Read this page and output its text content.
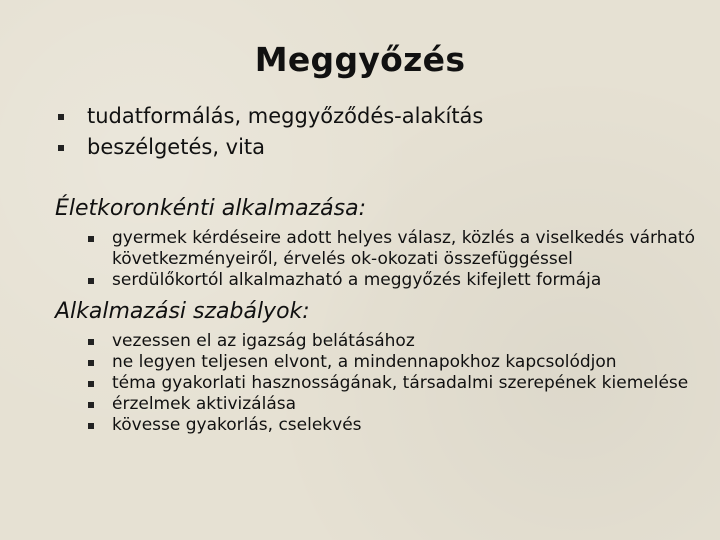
Meggyőzés
tudatformálás, meggyőződés-alakítás
beszélgetés, vita
Életkoronkénti alkalmazása:
gyermek kérdéseire adott helyes válasz, közlés a viselkedés várható következményeiről, érvelés ok-okozati összefüggéssel
serdülőkortól alkalmazható a meggyőzés kifejlett formája
Alkalmazási szabályok:
vezessen el az igazság belátásához
ne legyen teljesen elvont, a mindennapokhoz kapcsolódjon
téma gyakorlati hasznosságának, társadalmi szerepének kiemelése
érzelmek aktivizálása
kövesse gyakorlás, cselekvés
